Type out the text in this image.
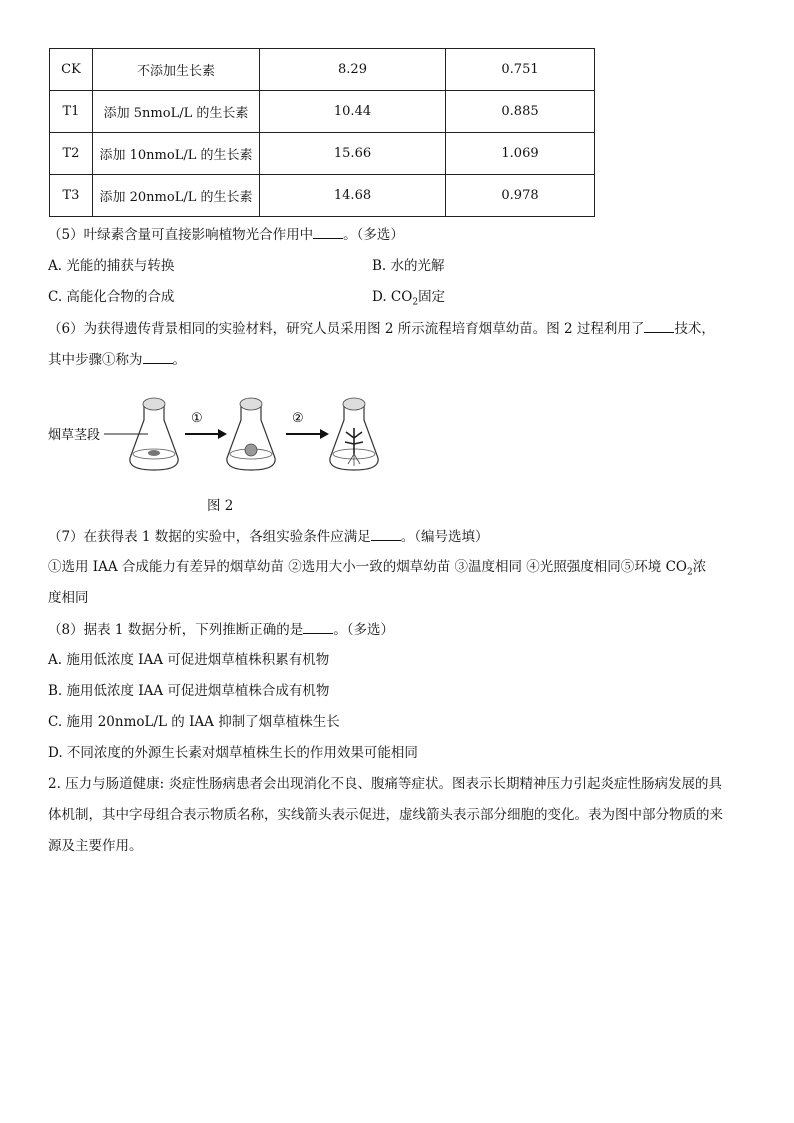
CK	不添加生长素	8.29	0.751
T1	添加 5nmoL/L 的生长素	10.44	0.885
T2	添加 10nmoL/L 的生长素	15.66	1.069
T3	添加 20nmoL/L 的生长素	14.68	0.978
（5）叶绿素含量可直接影响植物光合作用中 。（多选）
A. 光能的捕获与转换	B. 水的光解
C. 高能化合物的合成	D. $CO_2$固定
（6）为获得遗传背景相同的实验材料，研究人员采用图 2 所示流程培育烟草幼苗。图 2 过程利用了 技术，
其中步骤①称为 。
烟草茎段
①	②
图 2
（7）在获得表 1 数据的实验中，各组实验条件应满足 。（编号选填）
①选用 IAA 合成能力有差异的烟草幼苗 ②选用大小一致的烟草幼苗 ③温度相同 ④光照强度相同⑤环境 $CO_2$浓
度相同
（8）据表 1 数据分析，下列推断正确的是 。（多选）
A. 施用低浓度 IAA 可促进烟草植株积累有机物
B. 施用低浓度 IAA 可促进烟草植株合成有机物
C. 施用 20nmoL/L 的 IAA 抑制了烟草植株生长
D. 不同浓度的外源生长素对烟草植株生长的作用效果可能相同
2. 压力与肠道健康: 炎症性肠病患者会出现消化不良、腹痛等症状。图表示长期精神压力引起炎症性肠病发展的具
体机制，其中字母组合表示物质名称，实线箭头表示促进，虚线箭头表示部分细胞的变化。表为图中部分物质的来
源及主要作用。
